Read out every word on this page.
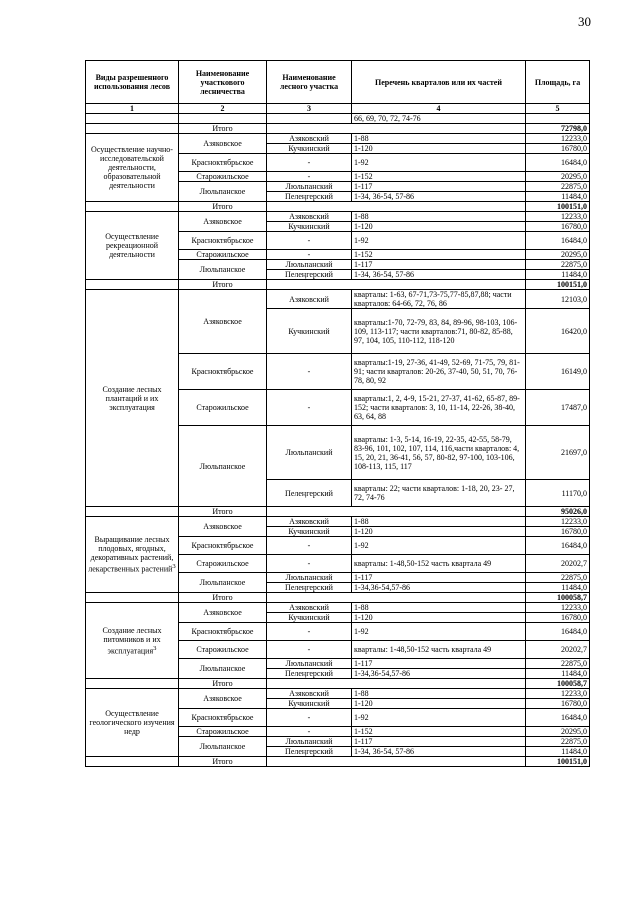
30
Виды разрешенного использования лесов	Наименование участкового лесничества	Наименование лесного участка	Перечень кварталов или их частей	Площадь, га
1	2	3	4	5
			66, 69, 70, 72, 74-76	
	Итого			72798,0
Осуществление научно-исследовательской деятельности, образовательной деятельности	Азяковское	Азяковский	1-88	12233,0
		Кучкинский	1-120	16780,0
	Красноктябрьское	-	1-92	16484,0
	Старожильское	-	1-152	20295,0
	Люльпанское	Люльпанский	1-117	22875,0
		Пелеңгерский	1-34, 36-54, 57-86	11484,0
	Итого			100151,0
Осуществление рекреационной деятельности	Азяковское	Азяковский	1-88	12233,0
		Кучкинский	1-120	16780,0
	Красноктябрьское	-	1-92	16484,0
	Старожильское	-	1-152	20295,0
	Люльпанское	Люльпанский	1-117	22875,0
		Пелеңгерский	1-34, 36-54, 57-86	11484,0
	Итого			100151,0
Создание лесных плантаций и их эксплуатация	Азяковское	Азяковский	кварталы: 1-63, 67-71,73-75,77-85,87,88; части кварталов: 64-66, 72, 76, 86	12103,0
		Кучкинский	кварталы:1-70, 72-79, 83, 84, 89-96, 98-103, 106-109, 113-117; части кварталов:71, 80-82, 85-88, 97, 104, 105, 110-112, 118-120	16420,0
	Красноктябрьское	-	кварталы:1-19, 27-36, 41-49, 52-69, 71-75, 79, 81-91; части кварталов: 20-26, 37-40, 50, 51, 70, 76-78, 80, 92	16149,0
	Старожильское	-	кварталы:1, 2, 4-9, 15-21, 27-37, 41-62, 65-87, 89-152; части кварталов: 3, 10, 11-14, 22-26, 38-40, 63, 64, 88	17487,0
	Люльпанское	Люльпанский	кварталы: 1-3, 5-14, 16-19, 22-35, 42-55, 58-79, 83-96, 101, 102, 107, 114, 116,части кварталов: 4, 15, 20, 21, 36-41, 56, 57, 80-82, 97-100, 103-106, 108-113, 115, 117	21697,0
		Пелеңгерский	кварталы: 22; части кварталов: 1-18, 20, 23- 27, 72, 74-76	11170,0
	Итого			95026,0
Выращивание лесных плодовых, ягодных, декоративных растений, лекарственных растений$^3$	Азяковское	Азяковский	1-88	12233,0
		Кучкинский	1-120	16780,0
	Красноктябрьское	-	1-92	16484,0
	Старожильское	-	кварталы: 1-48,50-152 часть квартала 49	20202,7
	Люльпанское	Люльпанский	1-117	22875,0
		Пелеңгерский	1-34,36-54,57-86	11484,0
	Итого			100058,7
Создание лесных питомников и их эксплуатация$^3$	Азяковское	Азяковский	1-88	12233,0
		Кучкинский	1-120	16780,0
	Красноктябрьское	-	1-92	16484,0
	Старожильское	-	кварталы: 1-48,50-152 часть квартала 49	20202,7
	Люльпанское	Люльпанский	1-117	22875,0
		Пелеңгерский	1-34,36-54,57-86	11484,0
	Итого			100058,7
Осуществление геологического изучения недр	Азяковское	Азяковский	1-88	12233,0
		Кучкинский	1-120	16780,0
	Красноктябрьское	-	1-92	16484,0
	Старожильское	-	1-152	20295,0
	Люльпанское	Люльпанский	1-117	22875,0
		Пелеңгерский	1-34, 36-54, 57-86	11484,0
	Итого			100151,0
